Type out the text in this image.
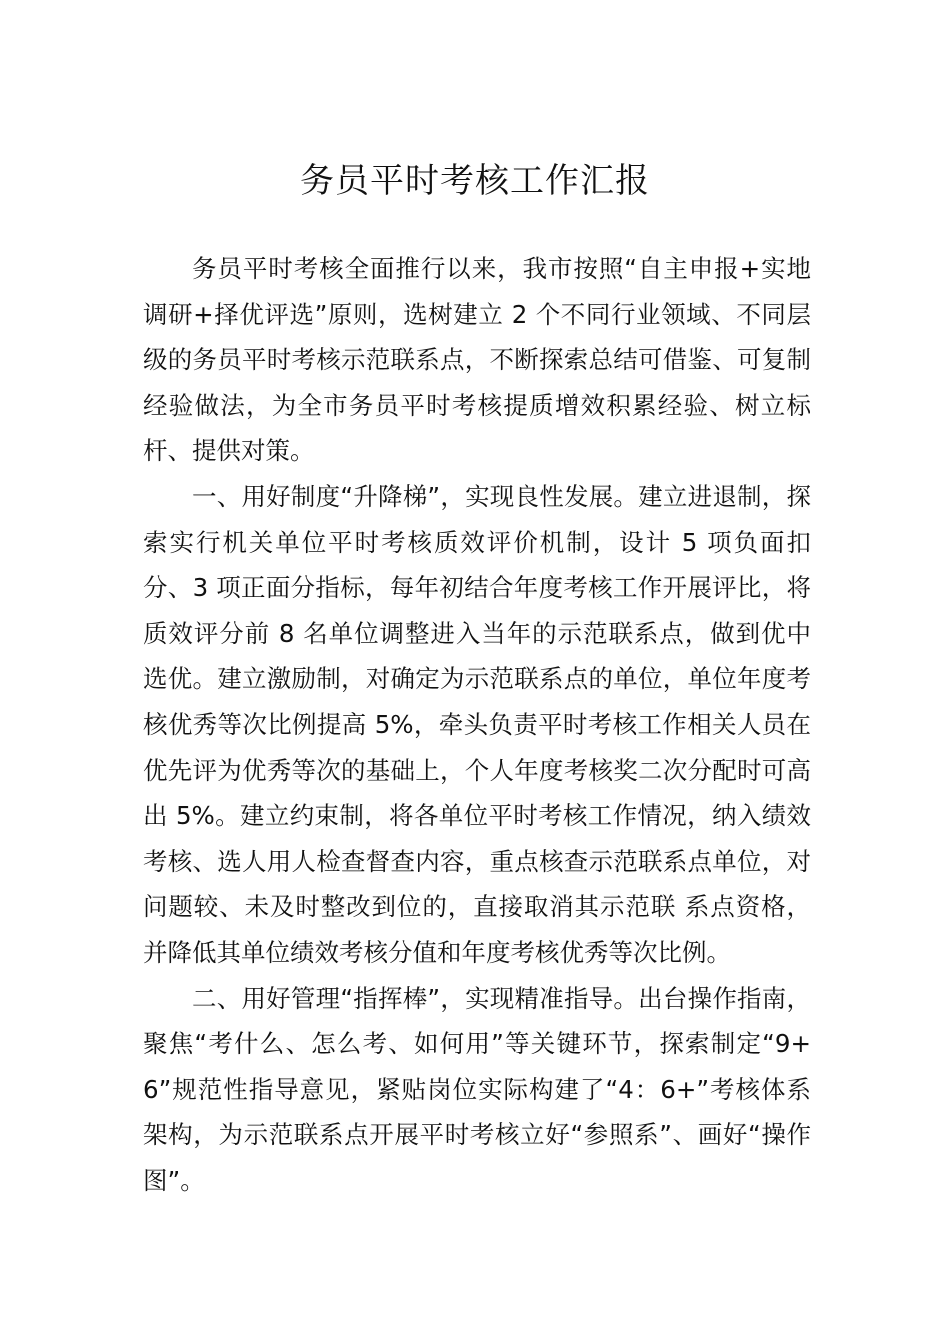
务员平时考核工作汇报

务员平时考核全面推行以来，我市按照“自主申报+实地调研+择优评选”原则，选树建立 2 个不同行业领域、不同层级的务员平时考核示范联系点，不断探索总结可借鉴、可复制经验做法，为全市务员平时考核提质增效积累经验、树立标杆、提供对策。

一、用好制度“升降梯”，实现良性发展。建立进退制，探索实行机关单位平时考核质效评价机制，设计 5 项负面扣分、3 项正面分指标，每年初结合年度考核工作开展评比，将质效评分前 8 名单位调整进入当年的示范联系点，做到优中选优。建立激励制，对确定为示范联系点的单位，单位年度考核优秀等次比例提高 5%，牵头负责平时考核工作相关人员在优先评为优秀等次的基础上，个人年度考核奖二次分配时可高出 5%。建立约束制，将各单位平时考核工作情况，纳入绩效考核、选人用人检查督查内容，重点核查示范联系点单位，对问题较、未及时整改到位的，直接取消其示范联 系点资格，并降低其单位绩效考核分值和年度考核优秀等次比例。

二、用好管理“指挥棒”，实现精准指导。出台操作指南，聚焦“考什么、怎么考、如何用”等关键环节，探索制定“9+6”规范性指导意见，紧贴岗位实际构建了“4：6+”考核体系架构，为示范联系点开展平时考核立好“参照系”、画好“操作图”。
